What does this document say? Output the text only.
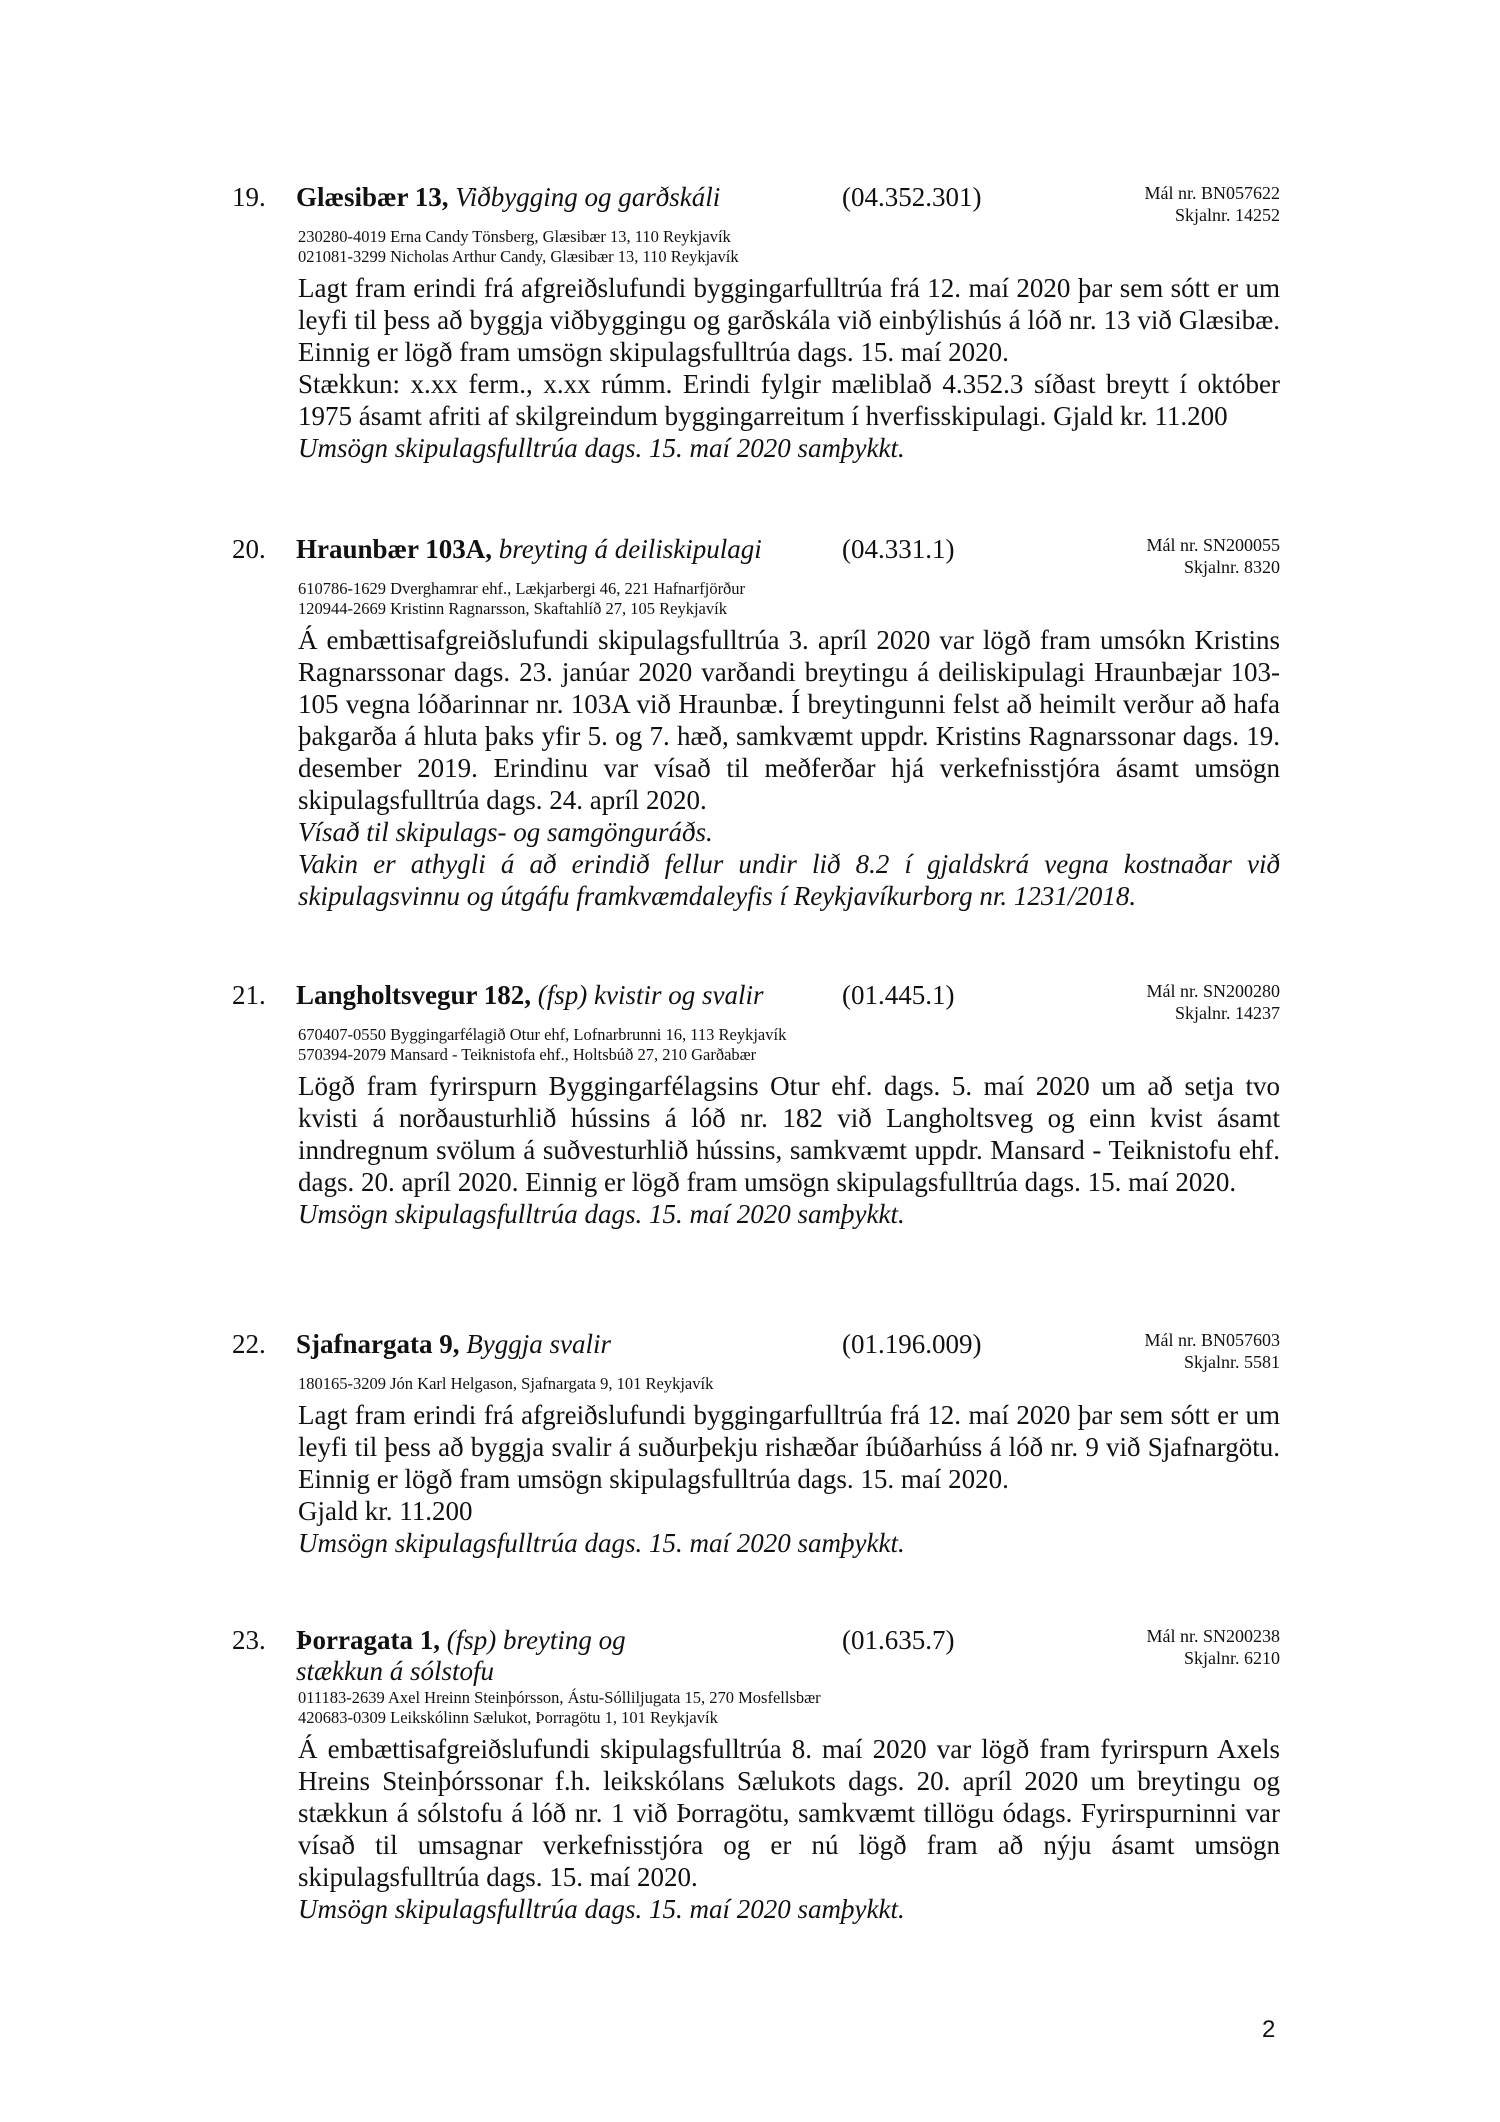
19. Glæsibær 13, Viðbygging og garðskáli	(04.352.301)	Mál nr. BN057622
Skjalnr. 14252
230280-4019 Erna Candy Tönsberg, Glæsibær 13, 110 Reykjavík
021081-3299 Nicholas Arthur Candy, Glæsibær 13, 110 Reykjavík

Lagt fram erindi frá afgreiðslufundi byggingarfulltrúa frá 12. maí 2020 þar sem sótt er um leyfi til þess að byggja viðbyggingu og garðskála við einbýlishús á lóð nr. 13 við Glæsibæ. Einnig er lögð fram umsögn skipulagsfulltrúa dags. 15. maí 2020.

Stækkun: x.xx ferm., x.xx rúmm. Erindi fylgir mæliblað 4.352.3 síðast breytt í október 1975 ásamt afriti af skilgreindum byggingarreitum í hverfisskipulagi. Gjald kr. 11.200

Umsögn skipulagsfulltrúa dags. 15. maí 2020 samþykkt.

20. Hraunbær 103A, breyting á deiliskipulagi	(04.331.1)	Mál nr. SN200055
Skjalnr. 8320
610786-1629 Dverghamrar ehf., Lækjarbergi 46, 221 Hafnarfjörður
120944-2669 Kristinn Ragnarsson, Skaftahlíð 27, 105 Reykjavík

Á embættisafgreiðslufundi skipulagsfulltrúa 3. apríl 2020 var lögð fram umsókn Kristins Ragnarssonar dags. 23. janúar 2020 varðandi breytingu á deiliskipulagi Hraunbæjar 103-105 vegna lóðarinnar nr. 103A við Hraunbæ. Í breytingunni felst að heimilt verður að hafa þakgarða á hluta þaks yfir 5. og 7. hæð, samkvæmt uppdr. Kristins Ragnarssonar dags. 19. desember 2019. Erindinu var vísað til meðferðar hjá verkefnisstjóra ásamt umsögn skipulagsfulltrúa dags. 24. apríl 2020.

Vísað til skipulags- og samgönguráðs.

Vakin er athygli á að erindið fellur undir lið 8.2 í gjaldskrá vegna kostnaðar við skipulagsvinnu og útgáfu framkvæmdaleyfis í Reykjavíkurborg nr. 1231/2018.

21. Langholtsvegur 182, (fsp) kvistir og svalir	(01.445.1)	Mál nr. SN200280
Skjalnr. 14237
670407-0550 Byggingarfélagið Otur ehf, Lofnarbrunni 16, 113 Reykjavík
570394-2079 Mansard - Teiknistofa ehf., Holtsbúð 27, 210 Garðabær

Lögð fram fyrirspurn Byggingarfélagsins Otur ehf. dags. 5. maí 2020 um að setja tvo kvisti á norðausturhlið hússins á lóð nr. 182 við Langholtsveg og einn kvist ásamt inndregnum svölum á suðvesturhlið hússins, samkvæmt uppdr. Mansard - Teiknistofu ehf. dags. 20. apríl 2020. Einnig er lögð fram umsögn skipulagsfulltrúa dags. 15. maí 2020.

Umsögn skipulagsfulltrúa dags. 15. maí 2020 samþykkt.

22. Sjafnargata 9, Byggja svalir	(01.196.009)	Mál nr. BN057603
Skjalnr. 5581
180165-3209 Jón Karl Helgason, Sjafnargata 9, 101 Reykjavík

Lagt fram erindi frá afgreiðslufundi byggingarfulltrúa frá 12. maí 2020 þar sem sótt er um leyfi til þess að byggja svalir á suðurþekju rishæðar íbúðarhúss á lóð nr. 9 við Sjafnargötu. Einnig er lögð fram umsögn skipulagsfulltrúa dags. 15. maí 2020.

Gjald kr. 11.200

Umsögn skipulagsfulltrúa dags. 15. maí 2020 samþykkt.

23. Þorragata 1, (fsp) breyting og stækkun á sólstofu
(01.635.7)	Mál nr. SN200238
Skjalnr. 6210
011183-2639 Axel Hreinn Steinþórsson, Ástu-Sólliljugata 15, 270 Mosfellsbær
420683-0309 Leikskólinn Sælukot, Þorragötu 1, 101 Reykjavík

Á embættisafgreiðslufundi skipulagsfulltrúa 8. maí 2020 var lögð fram fyrirspurn Axels Hreins Steinþórssonar f.h. leikskólans Sælukots dags. 20. apríl 2020 um breytingu og stækkun á sólstofu á lóð nr. 1 við Þorragötu, samkvæmt tillögu ódags. Fyrirspurninni var vísað til umsagnar verkefnisstjóra og er nú lögð fram að nýju ásamt umsögn skipulagsfulltrúa dags. 15. maí 2020.

Umsögn skipulagsfulltrúa dags. 15. maí 2020 samþykkt.

2
